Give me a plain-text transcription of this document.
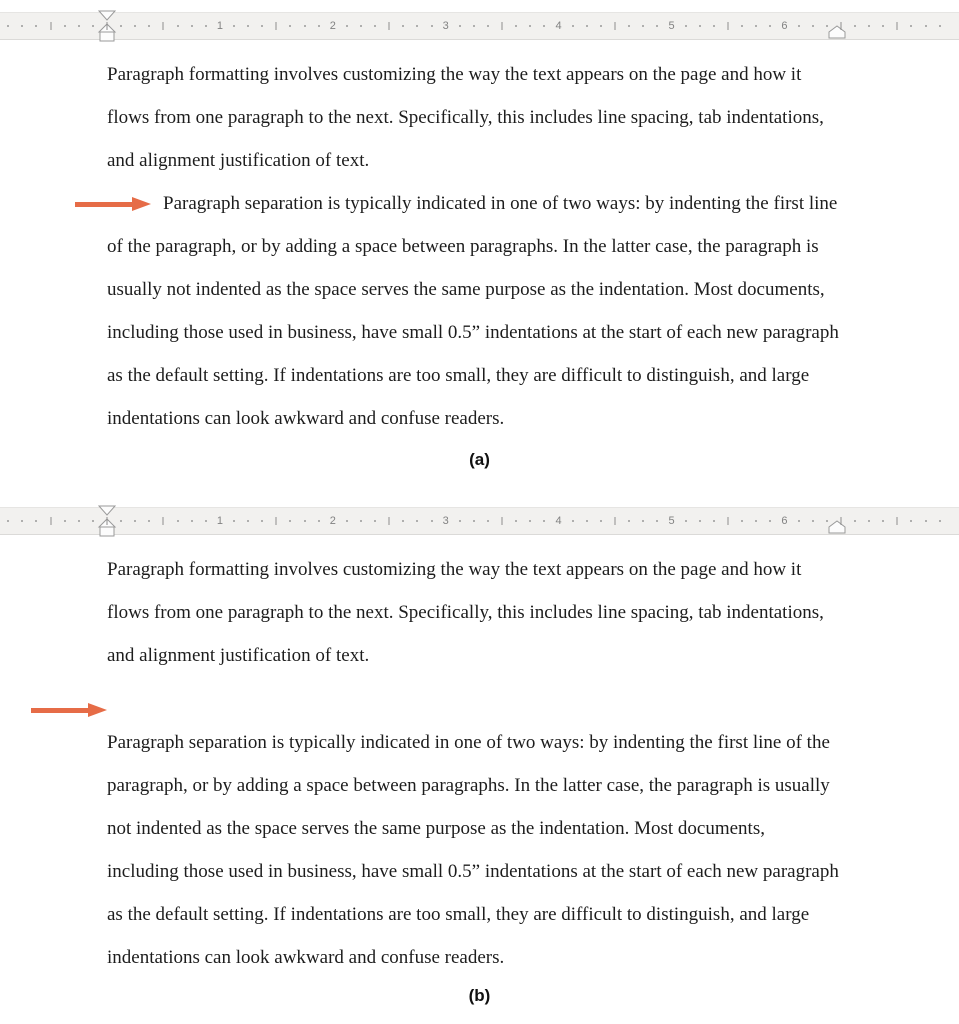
1	2	3	4	5	6

Paragraph formatting involves customizing the way the text appears on the page and how it flows from one paragraph to the next. Specifically, this includes line spacing, tab indentations, and alignment justification of text.

Paragraph separation is typically indicated in one of two ways: by indenting the first line of the paragraph, or by adding a space between paragraphs. In the latter case, the paragraph is usually not indented as the space serves the same purpose as the indentation. Most documents, including those used in business, have small 0.5” indentations at the start of each new paragraph as the default setting. If indentations are too small, they are difficult to distinguish, and large indentations can look awkward and confuse readers.

(a)
1	2	3	4	5	6

Paragraph formatting involves customizing the way the text appears on the page and how it flows from one paragraph to the next. Specifically, this includes line spacing, tab indentations, and alignment justification of text.

Paragraph separation is typically indicated in one of two ways: by indenting the first line of the paragraph, or by adding a space between paragraphs. In the latter case, the paragraph is usually not indented as the space serves the same purpose as the indentation. Most documents, including those used in business, have small 0.5” indentations at the start of each new paragraph as the default setting. If indentations are too small, they are difficult to distinguish, and large indentations can look awkward and confuse readers.

(b)
